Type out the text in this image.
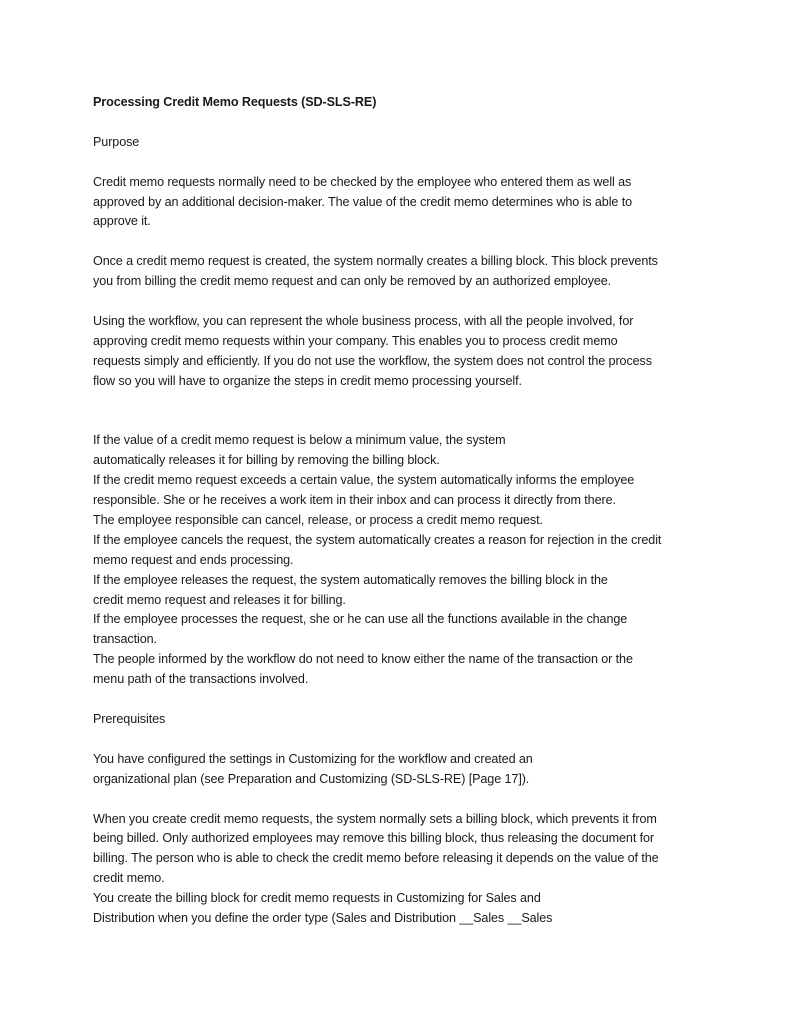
Processing Credit Memo Requests (SD-SLS-RE)
Purpose
Credit memo requests normally need to be checked by the employee who entered them as well as
approved by an additional decision-maker. The value of the credit memo determines who is able to
approve it.
Once a credit memo request is created, the system normally creates a billing block. This block prevents
you from billing the credit memo request and can only be removed by an authorized employee.
Using the workflow, you can represent the whole business process, with all the people involved, for
approving credit memo requests within your company. This enables you to process credit memo
requests simply and efficiently. If you do not use the workflow, the system does not control the process
flow so you will have to organize the steps in credit memo processing yourself.
If the value of a credit memo request is below a minimum value, the system
automatically releases it for billing by removing the billing block.
If the credit memo request exceeds a certain value, the system automatically informs the employee
responsible. She or he receives a work item in their inbox and can process it directly from there.
The employee responsible can cancel, release, or process a credit memo request.
If the employee cancels the request, the system automatically creates a reason for rejection in the credit
memo request and ends processing.
If the employee releases the request, the system automatically removes the billing block in the
credit memo request and releases it for billing.
If the employee processes the request, she or he can use all the functions available in the change
transaction.
The people informed by the workflow do not need to know either the name of the transaction or the
menu path of the transactions involved.
Prerequisites
You have configured the settings in Customizing for the workflow and created an
organizational plan (see Preparation and Customizing (SD-SLS-RE) [Page 17]).
When you create credit memo requests, the system normally sets a billing block, which prevents it from
being billed. Only authorized employees may remove this billing block, thus releasing the document for
billing. The person who is able to check the credit memo before releasing it depends on the value of the
credit memo.
You create the billing block for credit memo requests in Customizing for Sales and
Distribution when you define the order type (Sales and Distribution __Sales __Sales
